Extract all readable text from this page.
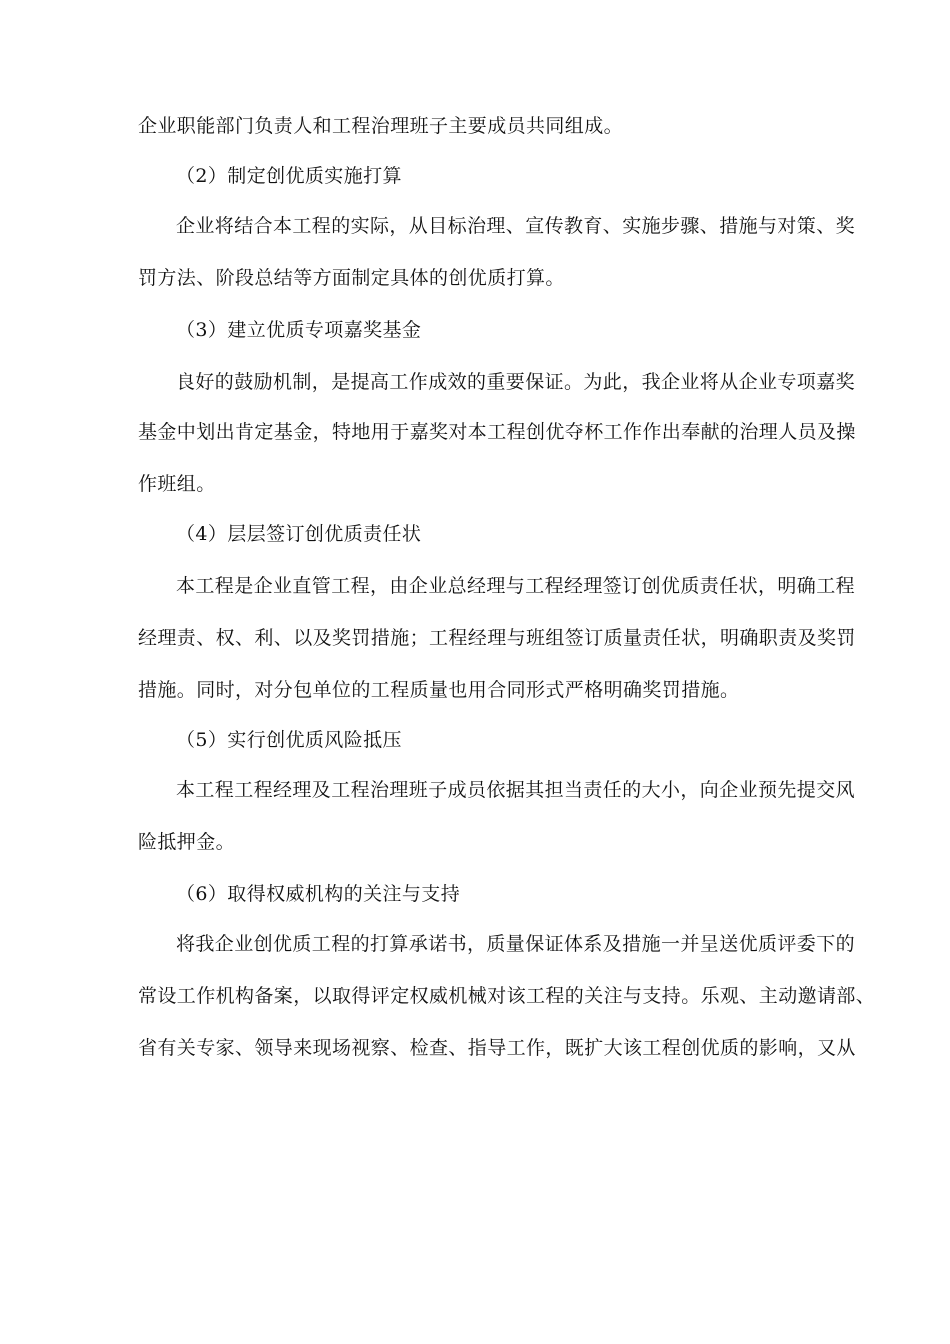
企业职能部门负责人和工程治理班子主要成员共同组成。
（2）制定创优质实施打算
企业将结合本工程的实际，从目标治理、宣传教育、实施步骤、措施与对策、奖
罚方法、阶段总结等方面制定具体的创优质打算。
（3）建立优质专项嘉奖基金
良好的鼓励机制，是提高工作成效的重要保证。为此，我企业将从企业专项嘉奖
基金中划出肯定基金，特地用于嘉奖对本工程创优夺杯工作作出奉献的治理人员及操
作班组。
（4）层层签订创优质责任状
本工程是企业直管工程，由企业总经理与工程经理签订创优质责任状，明确工程
经理责、权、利、以及奖罚措施；工程经理与班组签订质量责任状，明确职责及奖罚
措施。同时，对分包单位的工程质量也用合同形式严格明确奖罚措施。
（5）实行创优质风险抵压
本工程工程经理及工程治理班子成员依据其担当责任的大小，向企业预先提交风
险抵押金。
（6）取得权威机构的关注与支持
将我企业创优质工程的打算承诺书，质量保证体系及措施一并呈送优质评委下的
常设工作机构备案，以取得评定权威机械对该工程的关注与支持。乐观、主动邀请部、
省有关专家、领导来现场视察、检查、指导工作，既扩大该工程创优质的影响，又从
